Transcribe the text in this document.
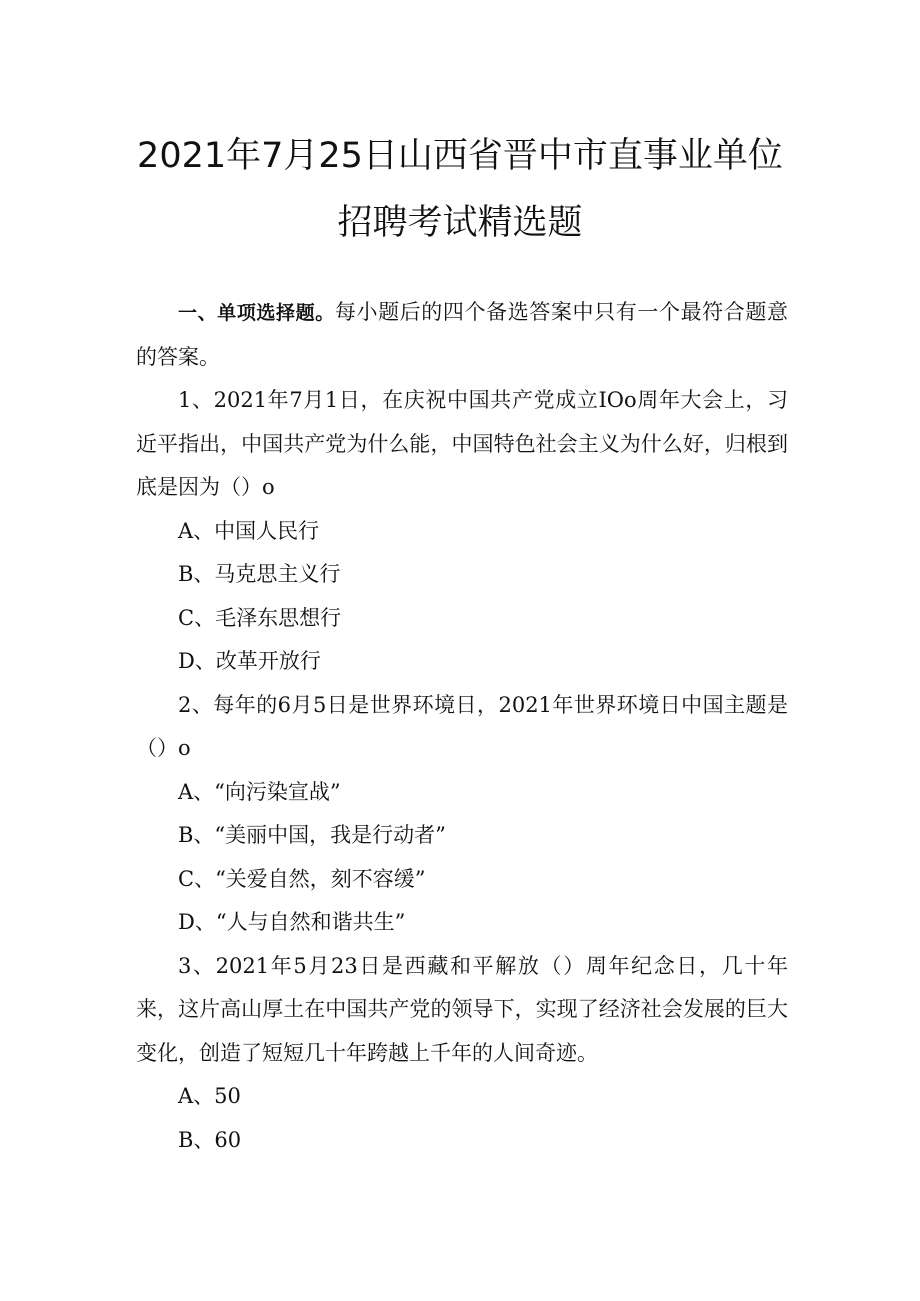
2021年7月25日山西省晋中市直事业单位
招聘考试精选题

一、单项选择题。每小题后的四个备选答案中只有一个最符合题意的答案。

1、2021年7月1日，在庆祝中国共产党成立IOo周年大会上，习近平指出，中国共产党为什么能，中国特色社会主义为什么好，归根到底是因为（）o

A、中国人民行

B、马克思主义行

C、毛泽东思想行

D、改革开放行

2、每年的6月5日是世界环境日，2021年世界环境日中国主题是（）o

A、“向污染宣战”

B、“美丽中国，我是行动者”

C、“关爱自然，刻不容缓”

D、“人与自然和谐共生”

3、2021年5月23日是西藏和平解放（）周年纪念日，几十年来，这片高山厚土在中国共产党的领导下，实现了经济社会发展的巨大变化，创造了短短几十年跨越上千年的人间奇迹。

A、50

B、60
